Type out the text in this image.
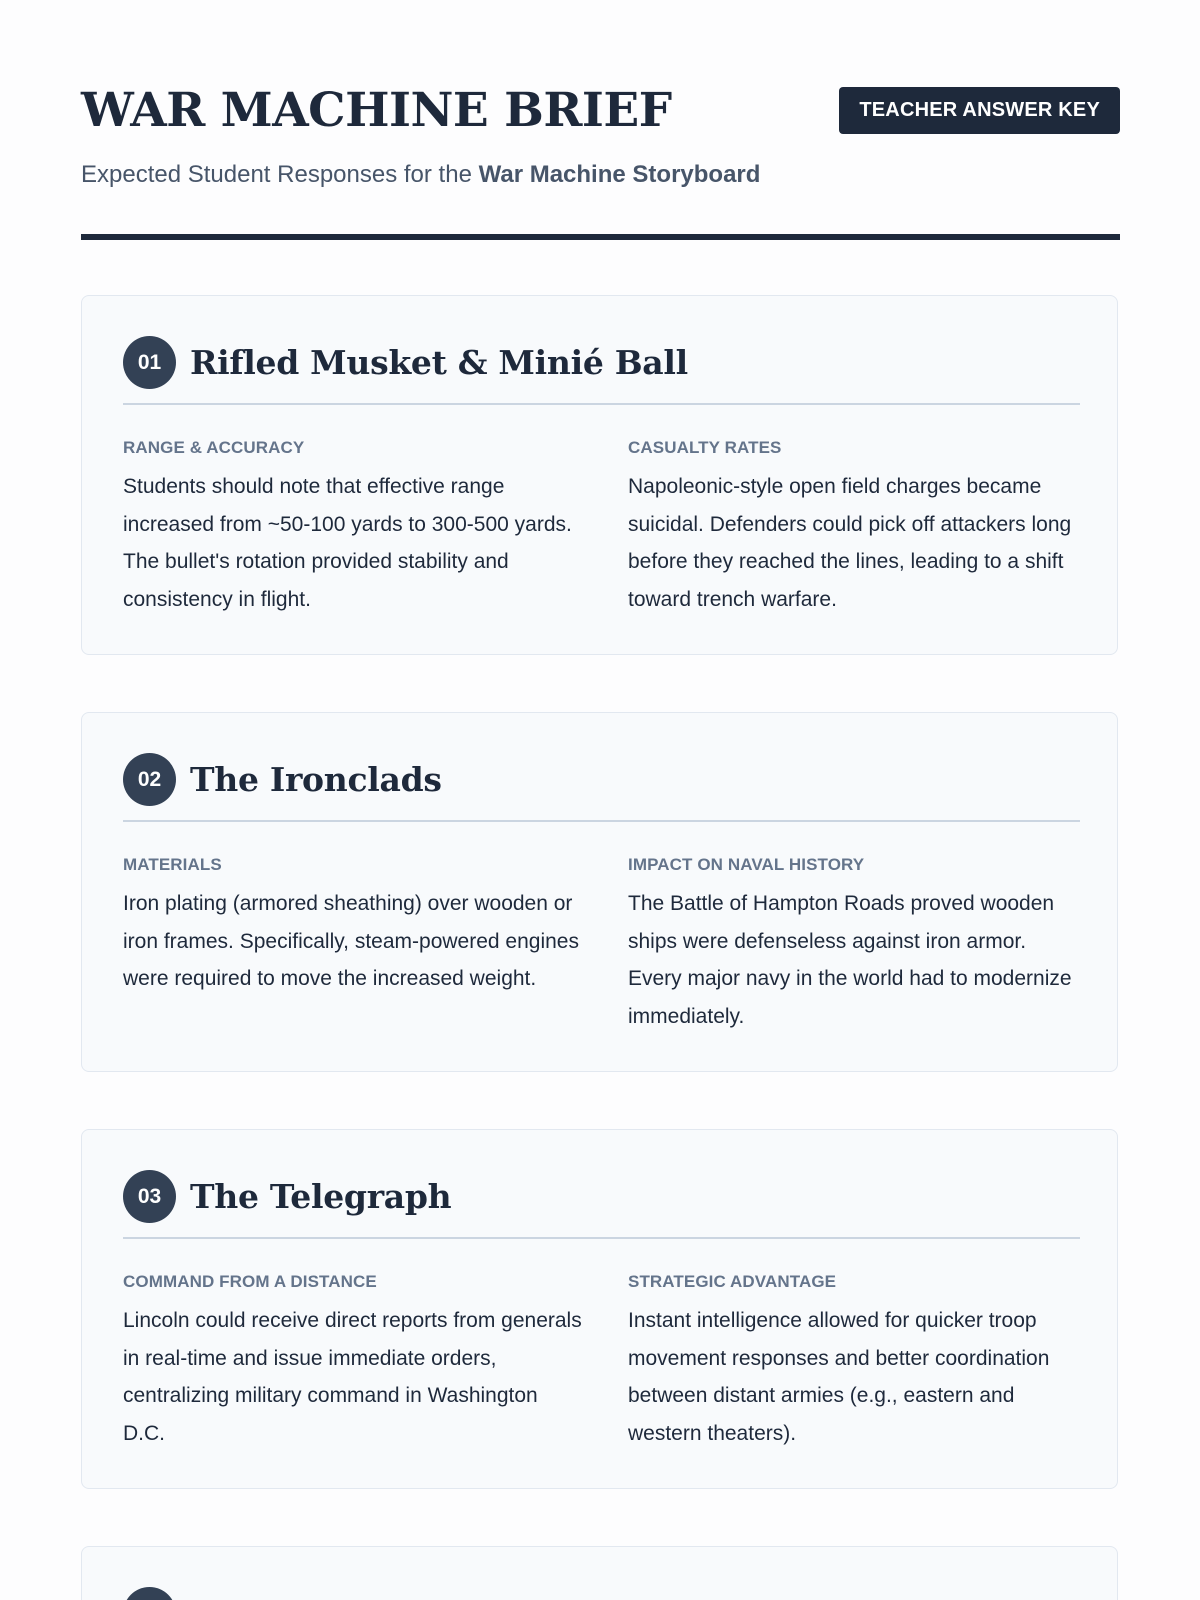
WAR MACHINE BRIEF	TEACHER ANSWER KEY

Expected Student Responses for the War Machine Storyboard

01 Rifled Musket & Minié Ball

RANGE & ACCURACY

Students should note that effective range increased from ~50-100 yards to 300-500 yards. The bullet's rotation provided stability and consistency in flight.

CASUALTY RATES

Napoleonic-style open field charges became suicidal. Defenders could pick off attackers long before they reached the lines, leading to a shift toward trench warfare.

02 The Ironclads

MATERIALS

Iron plating (armored sheathing) over wooden or iron frames. Specifically, steam-powered engines were required to move the increased weight.

IMPACT ON NAVAL HISTORY

The Battle of Hampton Roads proved wooden ships were defenseless against iron armor. Every major navy in the world had to modernize immediately.

03 The Telegraph

COMMAND FROM A DISTANCE

Lincoln could receive direct reports from generals in real-time and issue immediate orders, centralizing military command in Washington D.C.

STRATEGIC ADVANTAGE

Instant intelligence allowed for quicker troop movement responses and better coordination between distant armies (e.g., eastern and western theaters).
